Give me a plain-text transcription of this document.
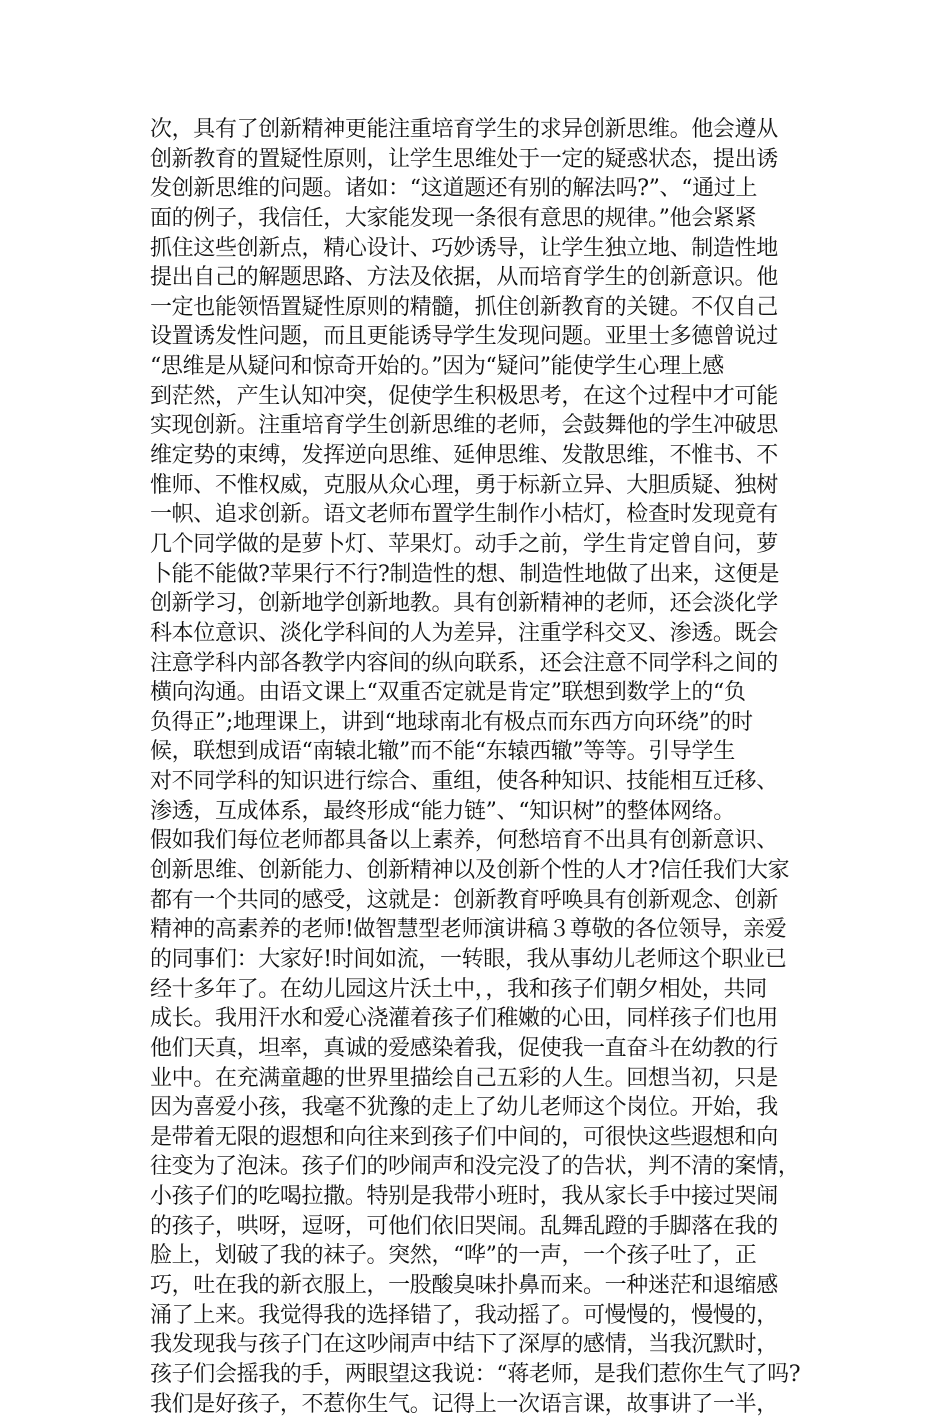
次，具有了创新精神更能注重培育学生的求异创新思维。他会遵从
创新教育的置疑性原则，让学生思维处于一定的疑惑状态，提出诱
发创新思维的问题。诸如：“这道题还有别的解法吗?”、“通过上
面的例子，我信任，大家能发现一条很有意思的规律。”他会紧紧
抓住这些创新点，精心设计、巧妙诱导，让学生独立地、制造性地
提出自己的解题思路、方法及依据，从而培育学生的创新意识。他
一定也能领悟置疑性原则的精髓，抓住创新教育的关键。不仅自己
设置诱发性问题，而且更能诱导学生发现问题。亚里士多德曾说过
“思维是从疑问和惊奇开始的。”因为“疑问”能使学生心理上感
到茫然，产生认知冲突，促使学生积极思考，在这个过程中才可能
实现创新。注重培育学生创新思维的老师，会鼓舞他的学生冲破思
维定势的束缚，发挥逆向思维、延伸思维、发散思维，不惟书、不
惟师、不惟权威，克服从众心理，勇于标新立异、大胆质疑、独树
一帜、追求创新。语文老师布置学生制作小桔灯，检查时发现竟有
几个同学做的是萝卜灯、苹果灯。动手之前，学生肯定曾自问，萝
卜能不能做?苹果行不行?制造性的想、制造性地做了出来，这便是
创新学习，创新地学创新地教。具有创新精神的老师，还会淡化学
科本位意识、淡化学科间的人为差异，注重学科交叉、渗透。既会
注意学科内部各教学内容间的纵向联系，还会注意不同学科之间的
横向沟通。由语文课上“双重否定就是肯定”联想到数学上的“负
负得正”;地理课上，讲到“地球南北有极点而东西方向环绕”的时
候，联想到成语“南辕北辙”而不能“东辕西辙”等等。引导学生
对不同学科的知识进行综合、重组，使各种知识、技能相互迁移、
渗透，互成体系，最终形成“能力链”、“知识树”的整体网络。
假如我们每位老师都具备以上素养，何愁培育不出具有创新意识、
创新思维、创新能力、创新精神以及创新个性的人才?信任我们大家
都有一个共同的感受，这就是：创新教育呼唤具有创新观念、创新
精神的高素养的老师!做智慧型老师演讲稿３尊敬的各位领导，亲爱
的同事们：大家好!时间如流，一转眼，我从事幼儿老师这个职业已
经十多年了。在幼儿园这片沃土中，，我和孩子们朝夕相处，共同
成长。我用汗水和爱心浇灌着孩子们稚嫩的心田，同样孩子们也用
他们天真，坦率，真诚的爱感染着我，促使我一直奋斗在幼教的行
业中。在充满童趣的世界里描绘自己五彩的人生。回想当初，只是
因为喜爱小孩，我毫不犹豫的走上了幼儿老师这个岗位。开始，我
是带着无限的遐想和向往来到孩子们中间的，可很快这些遐想和向
往变为了泡沫。孩子们的吵闹声和没完没了的告状，判不清的案情，
小孩子们的吃喝拉撒。特别是我带小班时，我从家长手中接过哭闹
的孩子，哄呀，逗呀，可他们依旧哭闹。乱舞乱蹬的手脚落在我的
脸上，划破了我的袜子。突然，“哗”的一声，一个孩子吐了，正
巧，吐在我的新衣服上，一股酸臭味扑鼻而来。一种迷茫和退缩感
涌了上来。我觉得我的选择错了，我动摇了。可慢慢的，慢慢的，
我发现我与孩子门在这吵闹声中结下了深厚的感情，当我沉默时，
孩子们会摇我的手，两眼望这我说：“蒋老师，是我们惹你生气了吗?
我们是好孩子，不惹你生气。记得上一次语言课，故事讲了一半，
